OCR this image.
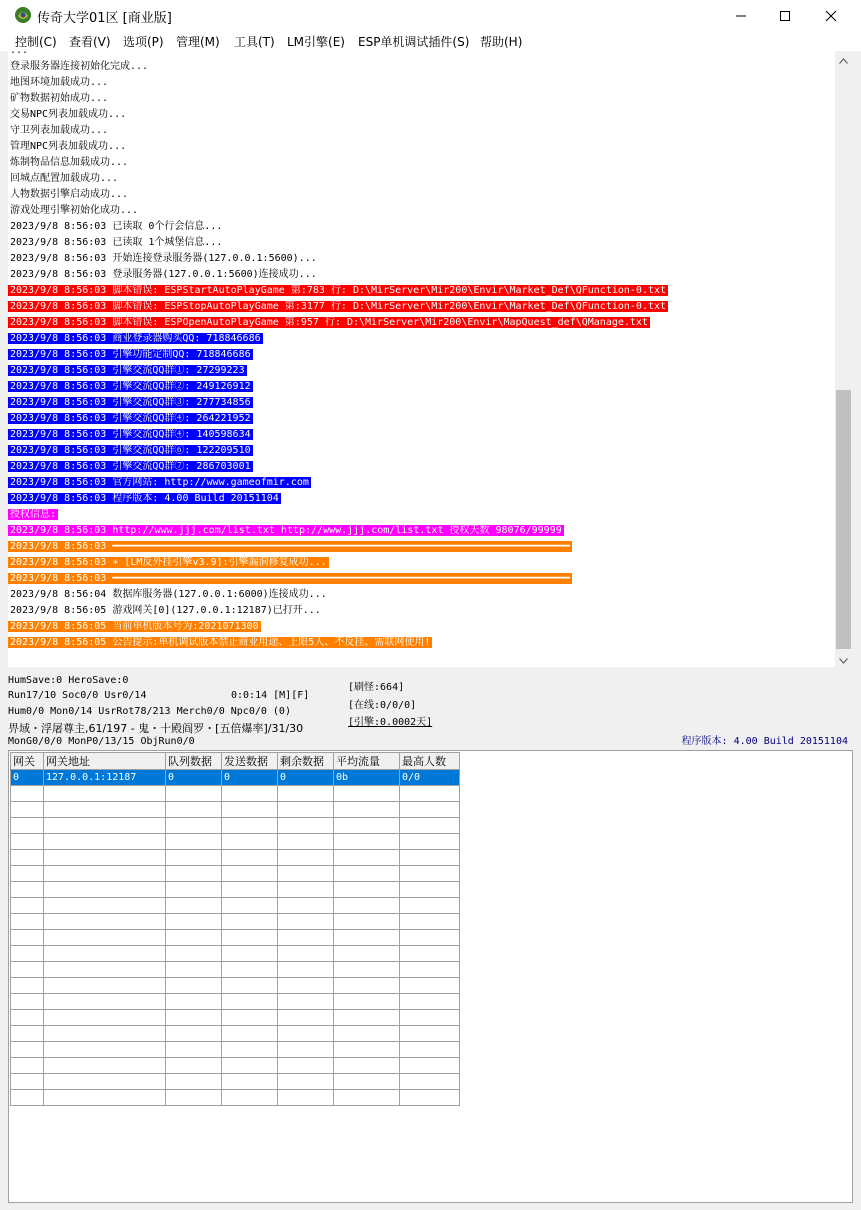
传奇大学01区 [商业版]
控制(C) 查看(V) 选项(P) 管理(M) 工具(T) LM引擎(E) ESP单机调试插件(S) 帮助(H)
...
登录服务器连接初始化完成...
地图环境加载成功...
矿物数据初始成功...
交易NPC列表加载成功...
守卫列表加载成功...
管理NPC列表加载成功...
炼制物品信息加载成功...
回城点配置加载成功...
人物数据引擎启动成功...
游戏处理引擎初始化成功...
2023/9/8 8:56:03 已读取 0个行会信息...
2023/9/8 8:56:03 已读取 1个城堡信息...
2023/9/8 8:56:03 开始连接登录服务器(127.0.0.1:5600)...
2023/9/8 8:56:03 登录服务器(127.0.0.1:5600)连接成功...
2023/9/8 8:56:03 脚本错误: ESPStartAutoPlayGame 第:783 行: D:\MirServer\Mir200\Envir\Market_Def\QFunction-0.txt
2023/9/8 8:56:03 脚本错误: ESPStopAutoPlayGame 第:3177 行: D:\MirServer\Mir200\Envir\Market_Def\QFunction-0.txt
2023/9/8 8:56:03 脚本错误: ESPOpenAutoPlayGame 第:957 行: D:\MirServer\Mir200\Envir\MapQuest_def\QManage.txt
2023/9/8 8:56:03 商业登录器购买QQ: 718846686
2023/9/8 8:56:03 引擎功能定制QQ: 718846686
2023/9/8 8:56:03 引擎交流QQ群①: 27299223
2023/9/8 8:56:03 引擎交流QQ群②: 249126912
2023/9/8 8:56:03 引擎交流QQ群③: 277734856
2023/9/8 8:56:03 引擎交流QQ群④: 264221952
2023/9/8 8:56:03 引擎交流QQ群④: 140598634
2023/9/8 8:56:03 引擎交流QQ群⑥: 122209510
2023/9/8 8:56:03 引擎交流QQ群⑦: 286703001
2023/9/8 8:56:03 官方网站: http://www.gameofmir.com
2023/9/8 8:56:03 程序版本: 4.00 Build 20151104
授权信息:
2023/9/8 8:56:03 http://www.jjj.com/list.txt http://www.jjj.com/list.txt 授权天数 98076/99999
2023/9/8 8:56:03 ━━━━━━━━━━━━━━━━━━━━━━━━━━━━━━━━━━━━━━━━━━━━━━━━━━━━━━━━━━━━━━━━━━━━━━━━━━━━
2023/9/8 8:56:03 ∗ [LM反外挂引擎v3.9]:引擎漏洞修复成功...
2023/9/8 8:56:03 ━━━━━━━━━━━━━━━━━━━━━━━━━━━━━━━━━━━━━━━━━━━━━━━━━━━━━━━━━━━━━━━━━━━━━━━━━━━━
2023/9/8 8:56:04 数据库服务器(127.0.0.1:6000)连接成功...
2023/9/8 8:56:05 游戏网关[0](127.0.0.1:12187)已打开...
2023/9/8 8:56:05 当前单机版本号为:2021071300
2023/9/8 8:56:05 公告提示:单机调试版本禁止商业用途、上限5人、不反挂、需联网使用!
HumSave:0 HeroSave:0
Run17/10 Soc0/0 Usr0/14	0:0:14 [M][F]
Hum0/0 Mon0/14 UsrRot78/213 Merch0/0 Npc0/0 (0)
畀域・浮屠尊主,61/197 - 鬼・十殿阎罗・[五倍爆率]/31/30
MonG0/0/0 MonP0/13/15 ObjRun0/0
[刷怪:664]
[在线:0/0/0]
[引擎:0.0002天]
程序版本: 4.00 Build 20151104
网关	网关地址	队列数据	发送数据	剩余数据	平均流量	最高人数
0	127.0.0.1:12187	0	0	0	0b	0/0
